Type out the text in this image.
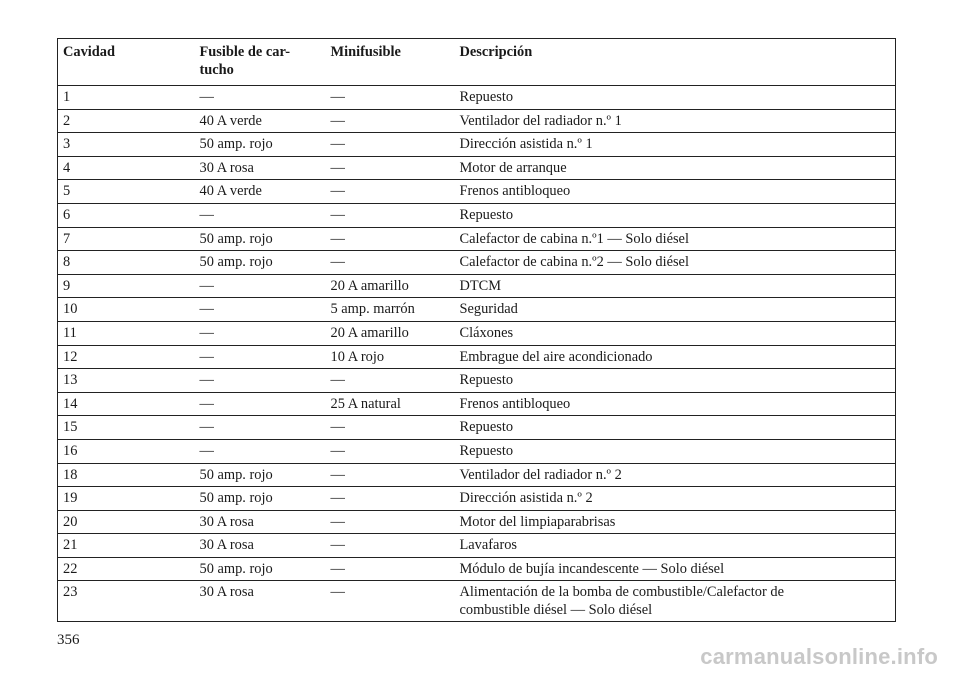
Cavidad	Fusible de car-
tucho	Minifusible	Descripción
1	—	—	Repuesto
2	40 A verde	—	Ventilador del radiador n.º 1
3	50 amp. rojo	—	Dirección asistida n.º 1
4	30 A rosa	—	Motor de arranque
5	40 A verde	—	Frenos antibloqueo
6	—	—	Repuesto
7	50 amp. rojo	—	Calefactor de cabina n.º1 — Solo diésel
8	50 amp. rojo	—	Calefactor de cabina n.º2 — Solo diésel
9	—	20 A amarillo	DTCM
10	—	5 amp. marrón	Seguridad
11	—	20 A amarillo	Cláxones
12	—	10 A rojo	Embrague del aire acondicionado
13	—	—	Repuesto
14	—	25 A natural	Frenos antibloqueo
15	—	—	Repuesto
16	—	—	Repuesto
18	50 amp. rojo	—	Ventilador del radiador n.º 2
19	50 amp. rojo	—	Dirección asistida n.º 2
20	30 A rosa	—	Motor del limpiaparabrisas
21	30 A rosa	—	Lavafaros
22	50 amp. rojo	—	Módulo de bujía incandescente — Solo diésel
23	30 A rosa	—	Alimentación de la bomba de combustible/Calefactor de
combustible diésel — Solo diésel
356
carmanualsonline.info
